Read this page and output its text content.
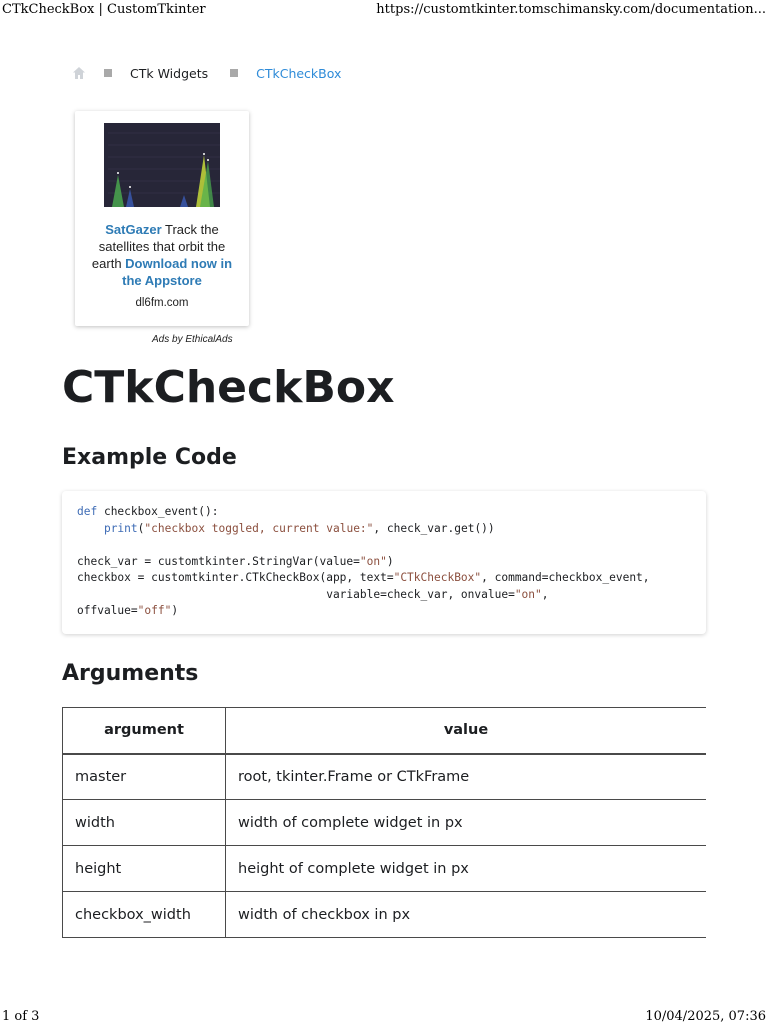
CTkCheckBox | CustomTkinter	https://customtkinter.tomschimansky.com/documentation...
CTk Widgets	CTkCheckBox
SatGazer Track the satellites that orbit the earth Download now in the Appstore
dl6fm.com
Ads by EthicalAds
CTkCheckBox
Example Code
def checkbox_event():
print("checkbox toggled, current value:", check_var.get())
check_var = customtkinter.StringVar(value="on")
checkbox = customtkinter.CTkCheckBox(app, text="CTkCheckBox", command=checkbox_event,
variable=check_var, onvalue="on",
offvalue="off")
Arguments
argument	value
master	root, tkinter.Frame or CTkFrame
width	width of complete widget in px
height	height of complete widget in px
checkbox_width	width of checkbox in px
1 of 3	10/04/2025, 07:36
